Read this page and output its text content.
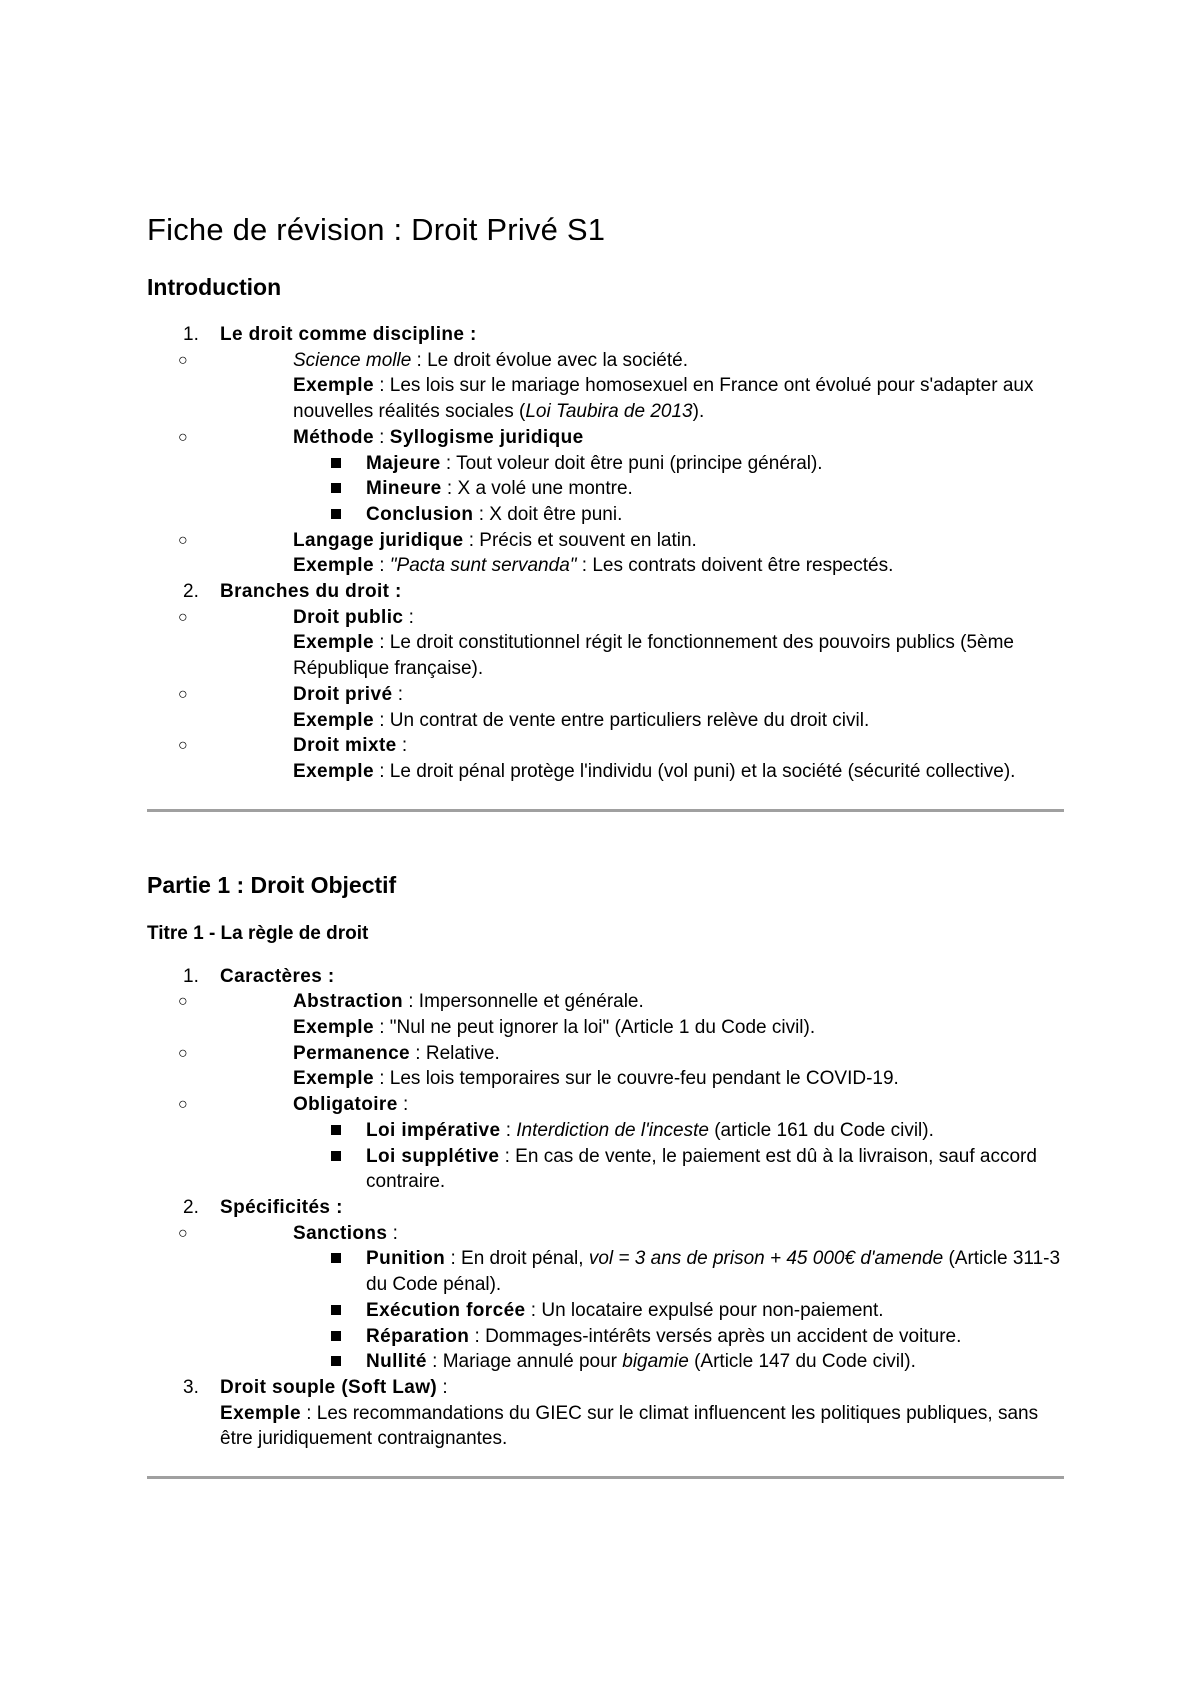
Fiche de révision : Droit Privé S1
Introduction
1. Le droit comme discipline :
○	Science molle : Le droit évolue avec la société.
Exemple : Les lois sur le mariage homosexuel en France ont évolué pour s'adapter aux nouvelles réalités sociales (Loi Taubira de 2013).
○	Méthode : Syllogisme juridique
Majeure : Tout voleur doit être puni (principe général).
Mineure : X a volé une montre.
Conclusion : X doit être puni.
○	Langage juridique : Précis et souvent en latin.
Exemple : "Pacta sunt servanda" : Les contrats doivent être respectés.
2. Branches du droit :
○	Droit public :
Exemple : Le droit constitutionnel régit le fonctionnement des pouvoirs publics (5ème République française).
○	Droit privé :
Exemple : Un contrat de vente entre particuliers relève du droit civil.
○	Droit mixte :
Exemple : Le droit pénal protège l'individu (vol puni) et la société (sécurité collective).
Partie 1 : Droit Objectif
Titre 1 - La règle de droit
1. Caractères :
○	Abstraction : Impersonnelle et générale.
Exemple : "Nul ne peut ignorer la loi" (Article 1 du Code civil).
○	Permanence : Relative.
Exemple : Les lois temporaires sur le couvre-feu pendant le COVID-19.
○	Obligatoire :
Loi impérative : Interdiction de l'inceste (article 161 du Code civil).
Loi supplétive : En cas de vente, le paiement est dû à la livraison, sauf accord contraire.
2. Spécificités :
○	Sanctions :
Punition : En droit pénal, vol = 3 ans de prison + 45 000€ d'amende (Article 311-3 du Code pénal).
Exécution forcée : Un locataire expulsé pour non-paiement.
Réparation : Dommages-intérêts versés après un accident de voiture.
Nullité : Mariage annulé pour bigamie (Article 147 du Code civil).
3. Droit souple (Soft Law) :
Exemple : Les recommandations du GIEC sur le climat influencent les politiques publiques, sans être juridiquement contraignantes.
